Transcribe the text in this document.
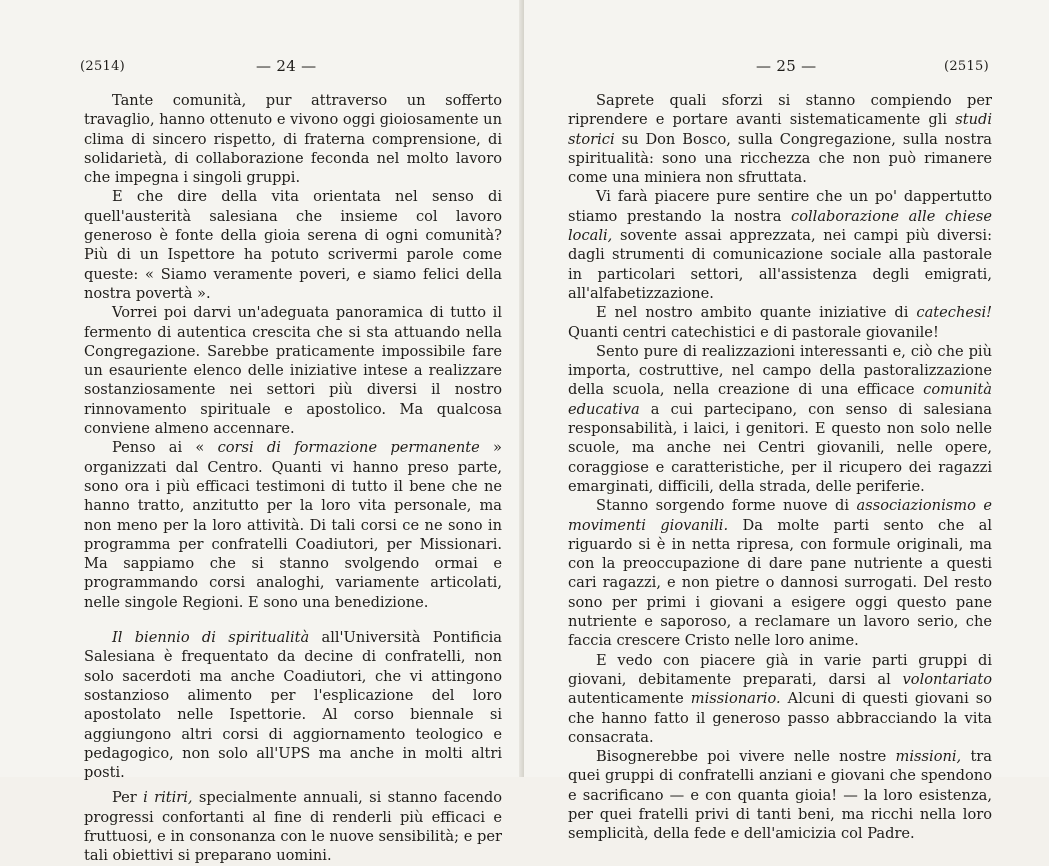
(2514)	— 24 —

Tante comunità, pur attraverso un sofferto travaglio, hanno ottenuto e vivono oggi gioiosamente un clima di sincero rispetto, di fraterna comprensione, di solidarietà, di collaborazione feconda nel molto lavoro che impegna i singoli gruppi.

E che dire della vita orientata nel senso di quell'austerità salesiana che insieme col lavoro generoso è fonte della gioia serena di ogni comunità? Più di un Ispettore ha potuto scrivermi parole come queste: « Siamo veramente poveri, e siamo felici della nostra povertà ».

Vorrei poi darvi un'adeguata panoramica di tutto il fermento di autentica crescita che si sta attuando nella Congregazione. Sarebbe praticamente impossibile fare un esauriente elenco delle iniziative intese a realizzare sostanziosamente nei settori più diversi il nostro rinnovamento spirituale e apostolico. Ma qualcosa conviene almeno accennare.

Penso ai « corsi di formazione permanente » organizzati dal Centro. Quanti vi hanno preso parte, sono ora i più efficaci testimoni di tutto il bene che ne hanno tratto, anzitutto per la loro vita personale, ma non meno per la loro attività. Di tali corsi ce ne sono in programma per confratelli Coadiutori, per Missionari. Ma sappiamo che si stanno svolgendo ormai e programmando corsi analoghi, variamente articolati, nelle singole Regioni. E sono una benedizione.

Il biennio di spiritualità all'Università Pontificia Salesiana è frequentato da decine di confratelli, non solo sacerdoti ma anche Coadiutori, che vi attingono sostanzioso alimento per l'esplicazione del loro apostolato nelle Ispettorie. Al corso biennale si aggiungono altri corsi di aggiornamento teologico e pedagogico, non solo all'UPS ma anche in molti altri posti.

Per i ritiri, specialmente annuali, si stanno facendo progressi confortanti al fine di renderli più efficaci e fruttuosi, e in consonanza con le nuove sensibilità; e per tali obiettivi si preparano uomini.

— 25 —	(2515)

Saprete quali sforzi si stanno compiendo per riprendere e portare avanti sistematicamente gli studi storici su Don Bosco, sulla Congregazione, sulla nostra spiritualità: sono una ricchezza che non può rimanere come una miniera non sfruttata.

Vi farà piacere pure sentire che un po' dappertutto stiamo prestando la nostra collaborazione alle chiese locali, sovente assai apprezzata, nei campi più diversi: dagli strumenti di comunicazione sociale alla pastorale in particolari settori, all'assistenza degli emigrati, all'alfabetizzazione.

E nel nostro ambito quante iniziative di catechesi! Quanti centri catechistici e di pastorale giovanile!

Sento pure di realizzazioni interessanti e, ciò che più importa, costruttive, nel campo della pastoralizzazione della scuola, nella creazione di una efficace comunità educativa a cui partecipano, con senso di salesiana responsabilità, i laici, i genitori. E questo non solo nelle scuole, ma anche nei Centri giovanili, nelle opere, coraggiose e caratteristiche, per il ricupero dei ragazzi emarginati, difficili, della strada, delle periferie.

Stanno sorgendo forme nuove di associazionismo e movimenti giovanili. Da molte parti sento che al riguardo si è in netta ripresa, con formule originali, ma con la preoccupazione di dare pane nutriente a questi cari ragazzi, e non pietre o dannosi surrogati. Del resto sono per primi i giovani a esigere oggi questo pane nutriente e saporoso, a reclamare un lavoro serio, che faccia crescere Cristo nelle loro anime.

E vedo con piacere già in varie parti gruppi di giovani, debitamente preparati, darsi al volontariato autenticamente missionario. Alcuni di questi giovani so che hanno fatto il generoso passo abbracciando la vita consacrata.

Bisognerebbe poi vivere nelle nostre missioni, tra quei gruppi di confratelli anziani e giovani che spendono e sacrificano — e con quanta gioia! — la loro esistenza, per quei fratelli privi di tanti beni, ma ricchi nella loro semplicità, della fede e dell'amicizia col Padre.
